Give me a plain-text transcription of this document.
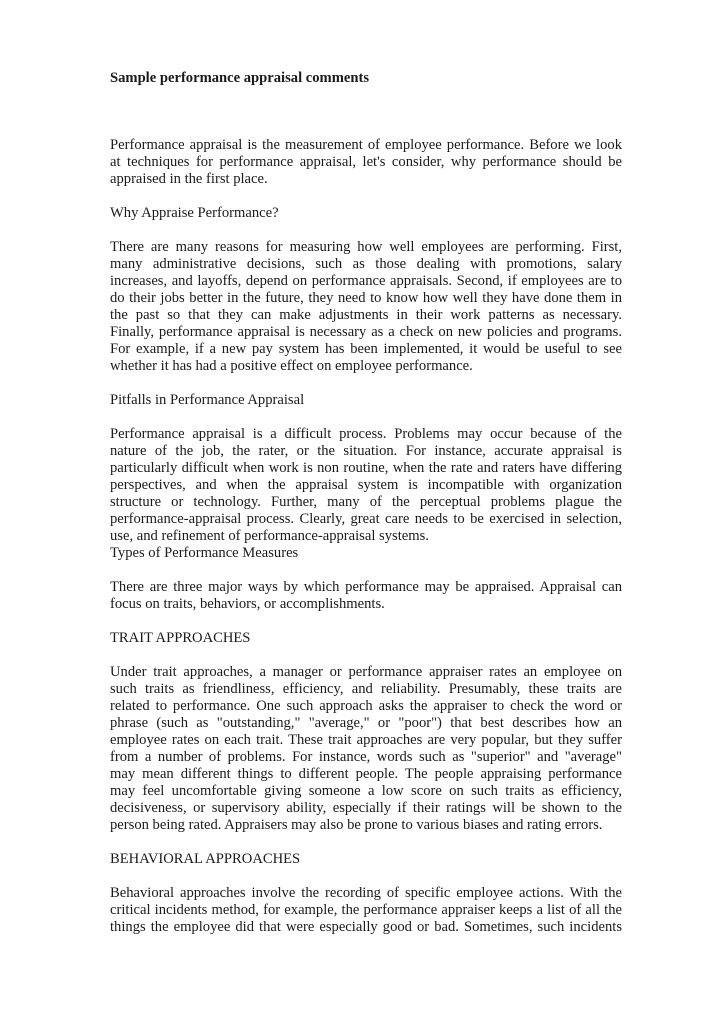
Sample performance appraisal comments
Performance appraisal is the measurement of employee performance. Before we look
at techniques for performance appraisal, let's consider, why performance should be
appraised in the first place.
Why Appraise Performance?
There are many reasons for measuring how well employees are performing. First,
many administrative decisions, such as those dealing with promotions, salary
increases, and layoffs, depend on performance appraisals. Second, if employees are to
do their jobs better in the future, they need to know how well they have done them in
the past so that they can make adjustments in their work patterns as necessary.
Finally, performance appraisal is necessary as a check on new policies and programs.
For example, if a new pay system has been implemented, it would be useful to see
whether it has had a positive effect on employee performance.
Pitfalls in Performance Appraisal
Performance appraisal is a difficult process. Problems may occur because of the
nature of the job, the rater, or the situation. For instance, accurate appraisal is
particularly difficult when work is non routine, when the rate and raters have differing
perspectives, and when the appraisal system is incompatible with organization
structure or technology. Further, many of the perceptual problems plague the
performance-appraisal process. Clearly, great care needs to be exercised in selection,
use, and refinement of performance-appraisal systems.
Types of Performance Measures
There are three major ways by which performance may be appraised. Appraisal can
focus on traits, behaviors, or accomplishments.
TRAIT APPROACHES
Under trait approaches, a manager or performance appraiser rates an employee on
such traits as friendliness, efficiency, and reliability. Presumably, these traits are
related to performance. One such approach asks the appraiser to check the word or
phrase (such as "outstanding," "average," or "poor") that best describes how an
employee rates on each trait. These trait approaches are very popular, but they suffer
from a number of problems. For instance, words such as "superior" and "average"
may mean different things to different people. The people appraising performance
may feel uncomfortable giving someone a low score on such traits as efficiency,
decisiveness, or supervisory ability, especially if their ratings will be shown to the
person being rated. Appraisers may also be prone to various biases and rating errors.
BEHAVIORAL APPROACHES
Behavioral approaches involve the recording of specific employee actions. With the
critical incidents method, for example, the performance appraiser keeps a list of all the
things the employee did that were especially good or bad. Sometimes, such incidents
